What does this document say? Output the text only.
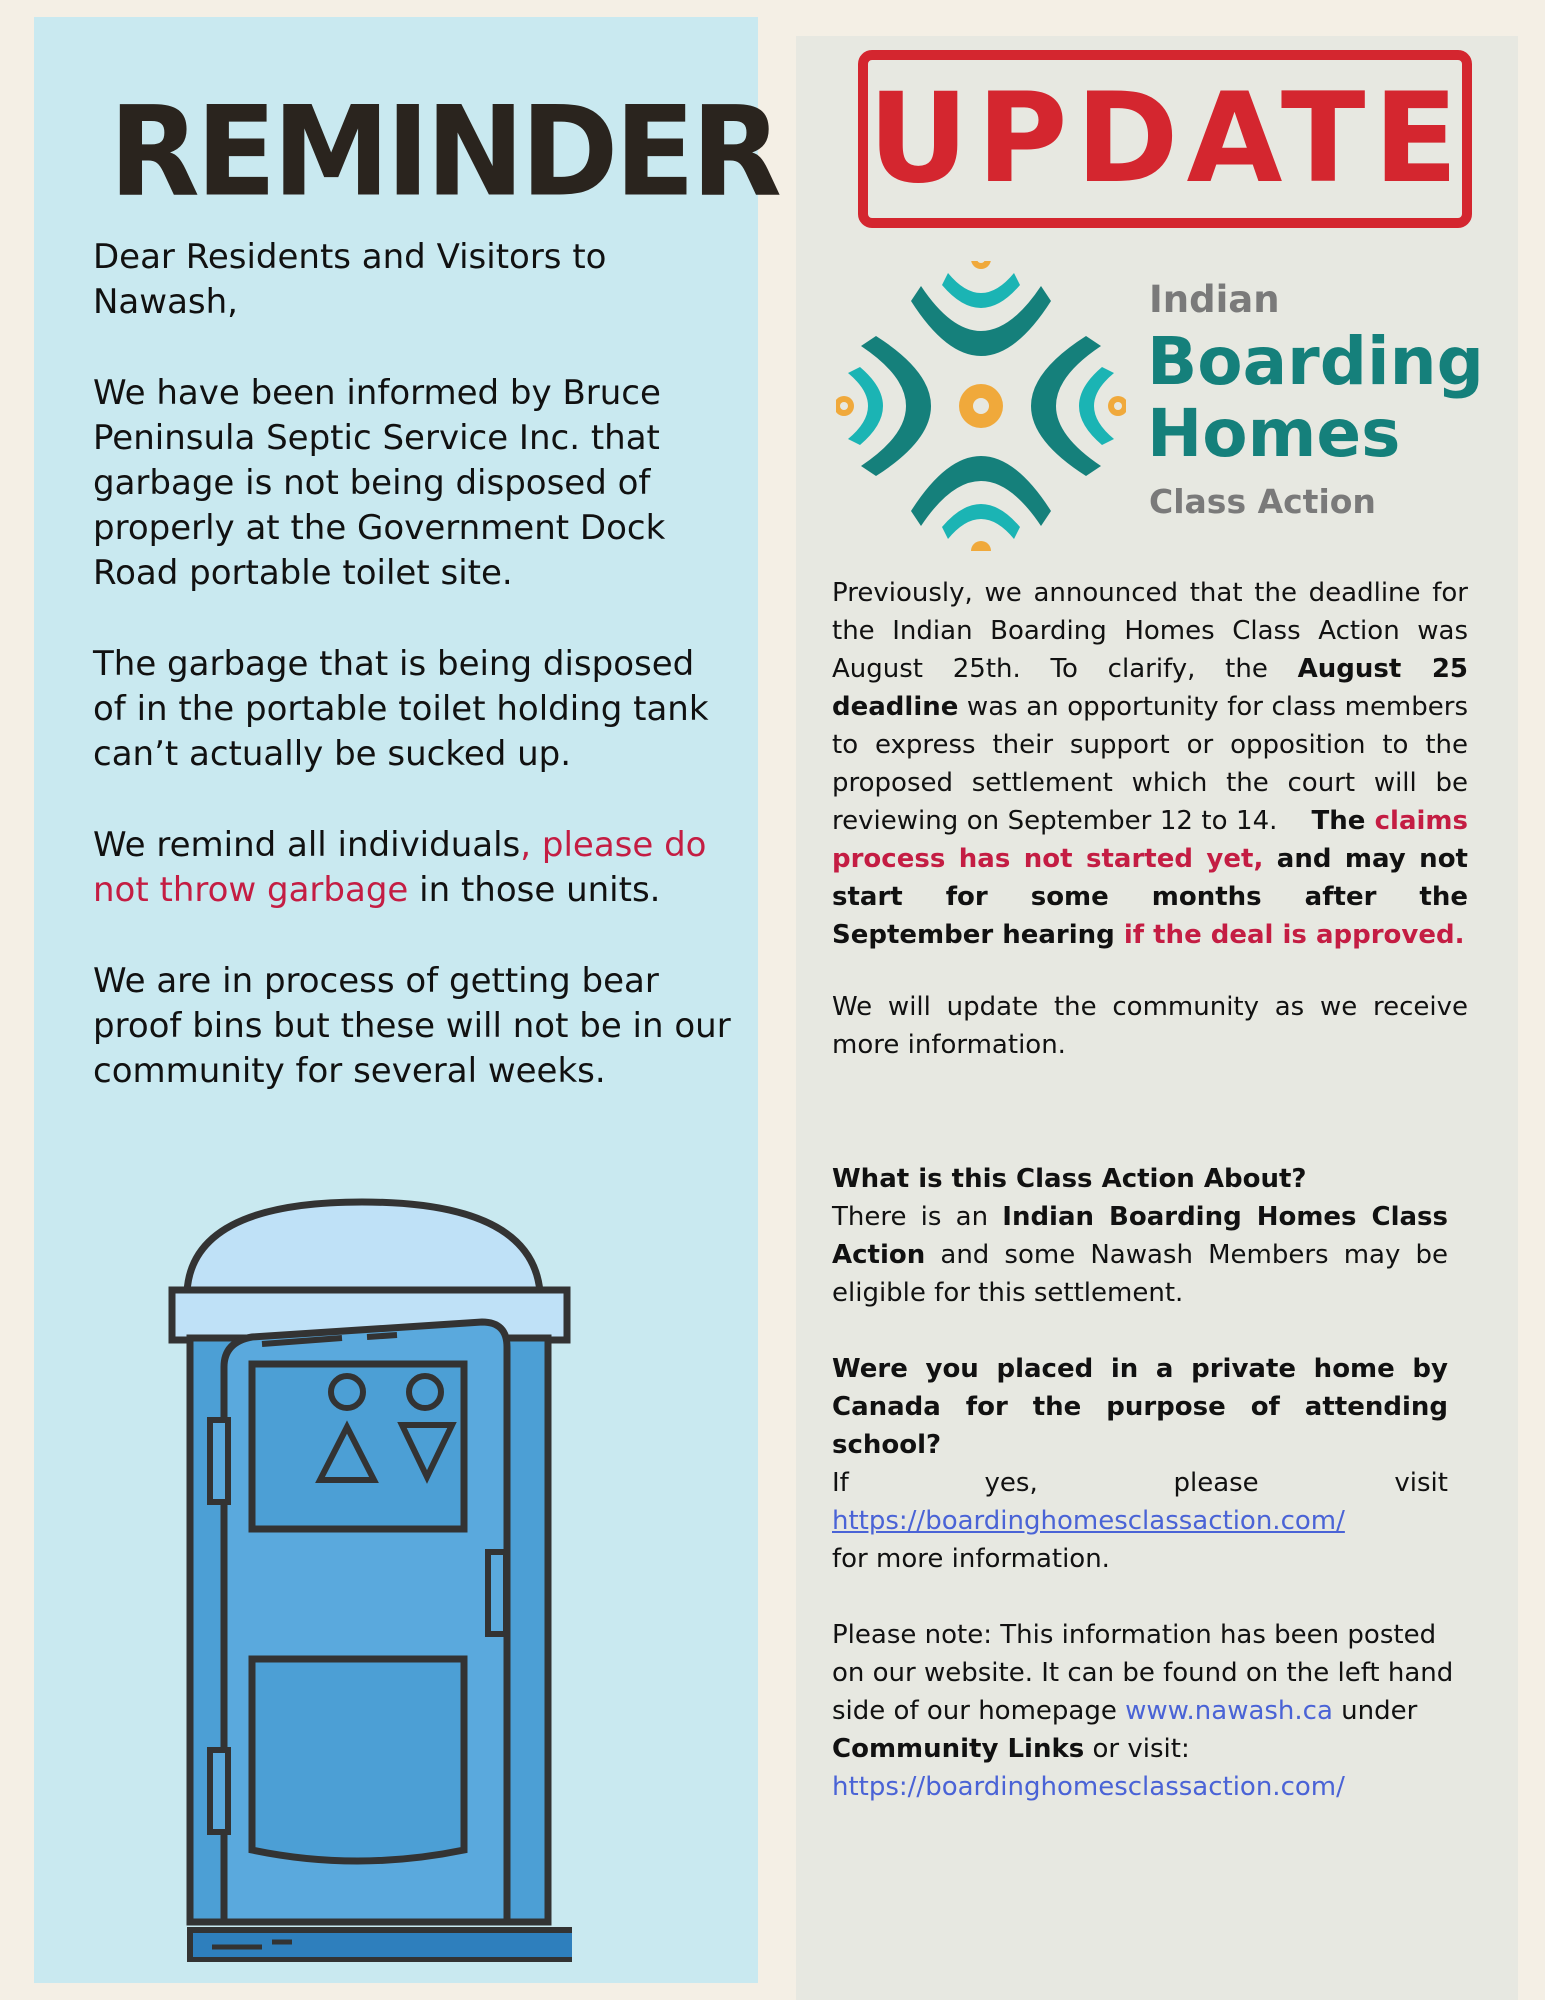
REMINDER

Dear Residents and Visitors to Nawash,

We have been informed by Bruce Peninsula Septic Service Inc. that garbage is not being disposed of properly at the Government Dock Road portable toilet site.

The garbage that is being disposed of in the portable toilet holding tank can’t actually be sucked up.

We remind all individuals, please do not throw garbage in those units.

We are in process of getting bear proof bins but these will not be in our community for several weeks.

UPDATE
Indian
Boarding
Homes
Class Action
Previously, we announced that the deadline for the Indian Boarding Homes Class Action was August 25th. To clarify, the August 25 deadline was an opportunity for class members to express their support or opposition to the proposed settlement which the court will be reviewing on September 12 to 14. The claims process has not started yet, and may not start for some months after the September hearing if the deal is approved.
We will update the community as we receive more information.
What is this Class Action About?
There is an Indian Boarding Homes Class Action and some Nawash Members may be eligible for this settlement.
Were you placed in a private home by Canada for the purpose of attending school?
If	yes,	please	visit
https://boardinghomesclassaction.com/
for more information.
Please note: This information has been posted on our website. It can be found on the left hand side of our homepage www.nawash.ca under Community Links or visit:
https://boardinghomesclassaction.com/
